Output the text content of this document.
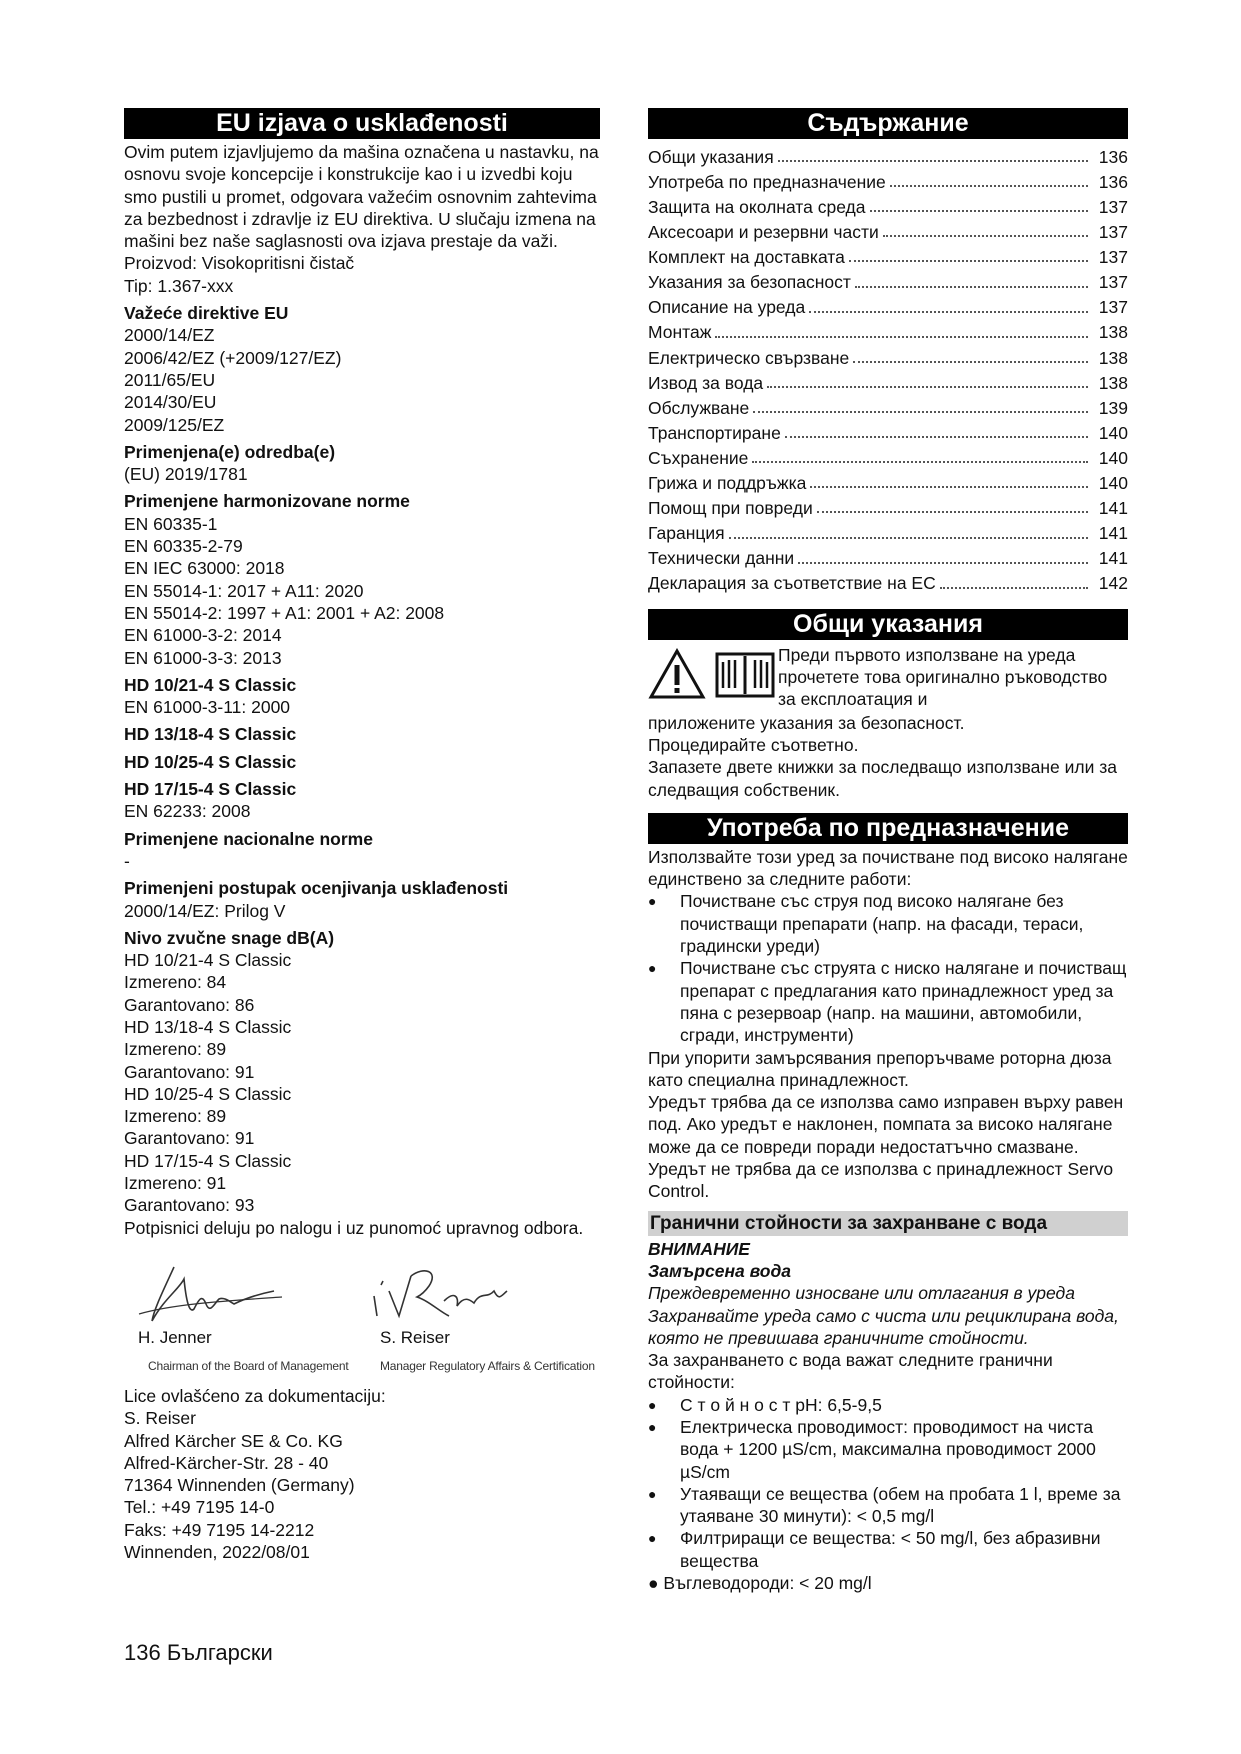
EU izjava o usklađenosti

Ovim putem izjavljujemo da mašina označena u nastavku, na osnovu svoje koncepcije i konstrukcije kao i u izvedbi koju smo pustili u promet, odgovara važećim osnovnim zahtevima za bezbednost i zdravlje iz EU direktiva. U slučaju izmena na mašini bez naše saglasnosti ova izjava prestaje da važi.

Proizvod: Visokopritisni čistač

Tip: 1.367-xxx

Važeće direktive EU

2000/14/EZ

2006/42/EZ (+2009/127/EZ)

2011/65/EU

2014/30/EU

2009/125/EZ

Primenjena(e) odredba(e)

(EU) 2019/1781

Primenjene harmonizovane norme

EN 60335-1

EN 60335-2-79

EN IEC 63000: 2018

EN 55014-1: 2017 + A11: 2020

EN 55014-2: 1997 + A1: 2001 + A2: 2008

EN 61000-3-2: 2014

EN 61000-3-3: 2013

HD 10/21-4 S Classic

EN 61000-3-11: 2000

HD 13/18-4 S Classic
HD 10/25-4 S Classic
HD 17/15-4 S Classic

EN 62233: 2008

Primenjene nacionalne norme

-

Primenjeni postupak ocenjivanja usklađenosti

2000/14/EZ: Prilog V

Nivo zvučne snage dB(A)

HD 10/21-4 S Classic

Izmereno: 84

Garantovano: 86

HD 13/18-4 S Classic

Izmereno: 89

Garantovano: 91

HD 10/25-4 S Classic

Izmereno: 89

Garantovano: 91

HD 17/15-4 S Classic

Izmereno: 91

Garantovano: 93

Potpisnici deluju po nalogu i uz punomoć upravnog odbora.

H. Jenner
Chairman of the Board of Management
S. Reiser
Manager Regulatory Affairs & Certification

Lice ovlašćeno za dokumentaciju:

S. Reiser

Alfred Kärcher SE & Co. KG

Alfred-Kärcher-Str. 28 - 40

71364 Winnenden (Germany)

Tel.: +49 7195 14-0

Faks: +49 7195 14-2212

Winnenden, 2022/08/01

Съдържание
Общи указания	136
Употреба по предназначение	136
Защита на околната среда	137
Аксесоари и резервни части	137
Комплект на доставката	137
Указания за безопасност	137
Описание на уреда	137
Монтаж	138
Електрическо свързване	138
Извод за вода	138
Обслужване	139
Транспортиране	140
Съхранение	140
Грижа и поддръжка	140
Помощ при повреди	141
Гаранция	141
Технически данни	141
Декларация за съответствие на ЕС	142
Общи указания

Преди първото използване на уреда прочетете това оригинално ръководство за експлоатация и

приложените указания за безопасност.

Процедирайте съответно.

Запазете двете книжки за последващо използване или за следващия собственик.

Употреба по предназначение

Използвайте този уред за почистване под високо налягане единствено за следните работи:

● Почистване със струя под високо налягане без почистващи препарати (напр. на фасади, тераси, градински уреди)
● Почистване със струята с ниско налягане и почистващ препарат с предлагания като принадлежност уред за пяна с резервоар (напр. на машини, автомобили, сгради, инструменти)

При упорити замърсявания препоръчваме роторна дюза като специална принадлежност.

Уредът трябва да се използва само изправен върху равен под. Ако уредът е наклонен, помпата за високо налягане може да се повреди поради недостатъчно смазване.

Уредът не трябва да се използва с принадлежност Servo Control.

Гранични стойности за захранване с вода

ВНИМАНИЕ

Замърсена вода

Преждевременно износване или отлагания в уреда

Захранвайте уреда само с чиста или рециклирана вода, която не превишава граничните стойности.

За захранването с вода важат следните гранични стойности:

● С т о й н о с т pH: 6,5-9,5
● Електрическа проводимост: проводимост на чиста вода + 1200 µS/cm, максимална проводимост 2000 µS/cm
● Утаяващи се вещества (обем на пробата 1 l, време за утаяване 30 минути): < 0,5 mg/l
● Филтриращи се вещества: < 50 mg/l, без абразивни вещества

● Въглеводороди: < 20 mg/l

136 Български
